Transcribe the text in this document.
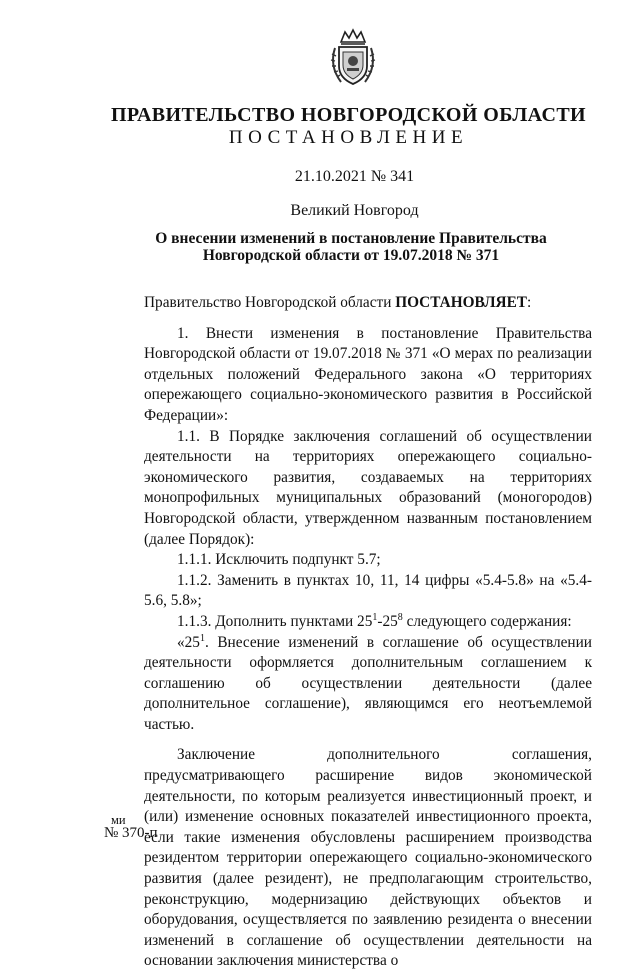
ПРАВИТЕЛЬСТВО НОВГОРОДСКОЙ ОБЛАСТИ
ПОСТАНОВЛЕНИЕ
21.10.2021 № 341
Великий Новгород
О внесении изменений в постановление Правительства
Новгородской области от 19.07.2018 № 371

Правительство Новгородской области ПОСТАНОВЛЯЕТ:

1. Внести изменения в постановление Правительства Новгородской области от 19.07.2018 № 371 «О мерах по реализации отдельных положений Федерального закона «О территориях опережающего социально-экономического развития в Российской Федерации»:

1.1. В Порядке заключения соглашений об осуществлении деятельности на территориях опережающего социально-экономического развития, создаваемых на территориях монопрофильных муниципальных образований (моногородов) Новгородской области, утвержденном названным постановлением (далее Порядок):

1.1.1. Исключить подпункт 5.7;

1.1.2. Заменить в пунктах 10, 11, 14 цифры «5.4-5.8» на «5.4-5.6, 5.8»;

1.1.3. Дополнить пунктами $25^1-25^8$ следующего содержания:

«$25^1$. Внесение изменений в соглашение об осуществлении деятельности оформляется дополнительным соглашением к соглашению об осуществлении деятельности (далее дополнительное соглашение), являющимся его неотъемлемой частью.

Заключение дополнительного соглашения, предусматривающего расширение видов экономической деятельности, по которым реализуется инвестиционный проект, и (или) изменение основных показателей инвестиционного проекта, если такие изменения обусловлены расширением производства резидентом территории опережающего социально-экономического развития (далее резидент), не предполагающим строительство, реконструкцию, модернизацию действующих объектов и оборудования, осуществляется по заявлению резидента о внесении изменений в соглашение об осуществлении деятельности на основании заключения министерства о

ми
№ 370-п
